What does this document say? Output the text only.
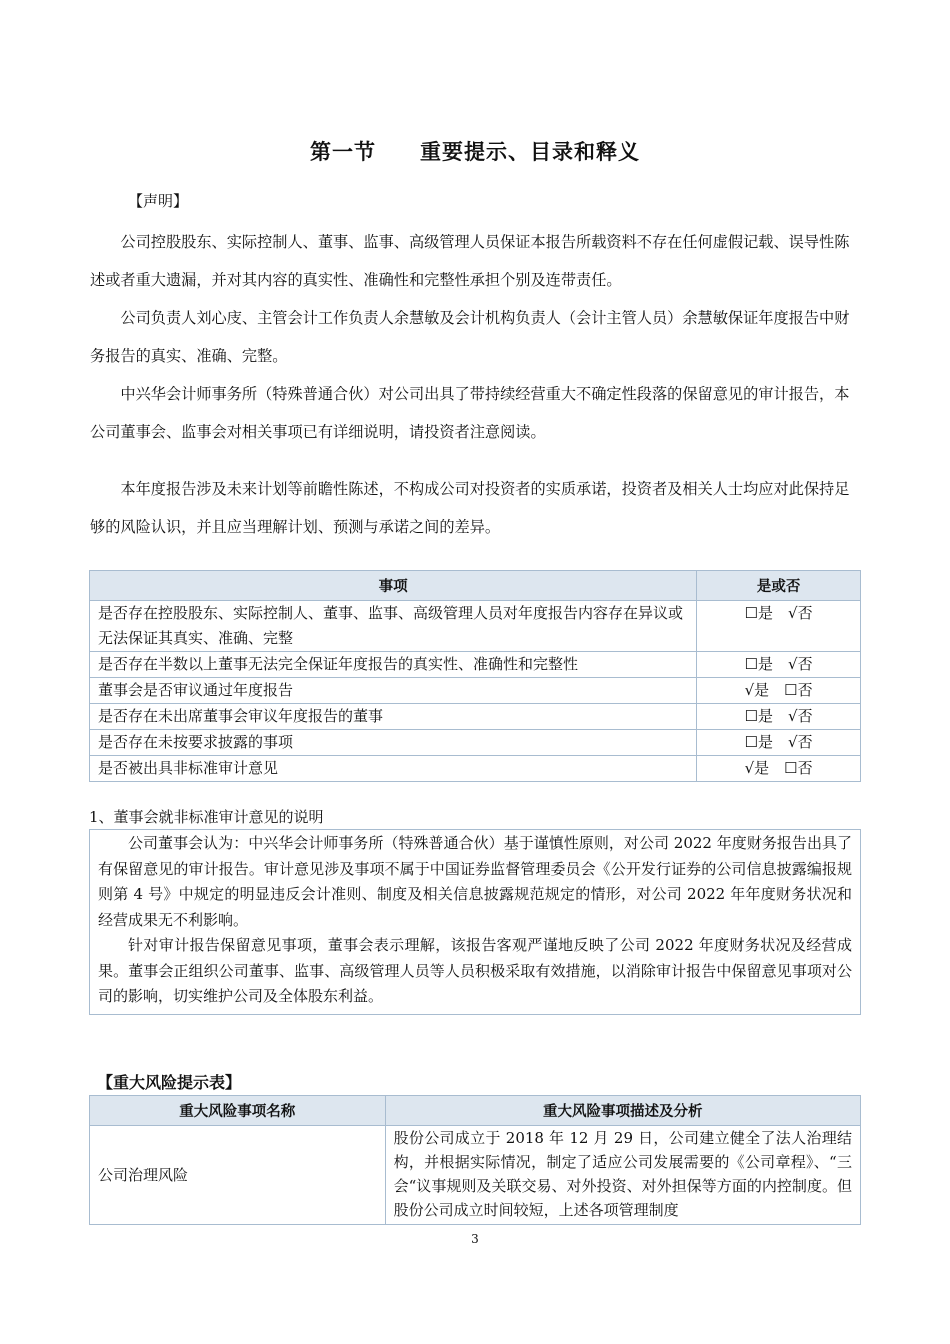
第一节　　重要提示、目录和释义
【声明】

公司控股股东、实际控制人、董事、监事、高级管理人员保证本报告所载资料不存在任何虚假记载、误导性陈述或者重大遗漏，并对其内容的真实性、准确性和完整性承担个别及连带责任。

公司负责人刘心庋、主管会计工作负责人余慧敏及会计机构负责人（会计主管人员）余慧敏保证年度报告中财务报告的真实、准确、完整。

中兴华会计师事务所（特殊普通合伙）对公司出具了带持续经营重大不确定性段落的保留意见的审计报告，本公司董事会、监事会对相关事项已有详细说明，请投资者注意阅读。

本年度报告涉及未来计划等前瞻性陈述，不构成公司对投资者的实质承诺，投资者及相关人士均应对此保持足够的风险认识，并且应当理解计划、预测与承诺之间的差异。

事项	是或否
是否存在控股股东、实际控制人、董事、监事、高级管理人员对年度报告内容存在异议或无法保证其真实、准确、完整	☐是　√否
是否存在半数以上董事无法完全保证年度报告的真实性、准确性和完整性	☐是　√否
董事会是否审议通过年度报告	√是　☐否
是否存在未出席董事会审议年度报告的董事	☐是　√否
是否存在未按要求披露的事项	☐是　√否
是否被出具非标准审计意见	√是　☐否
1、董事会就非标准审计意见的说明

公司董事会认为：中兴华会计师事务所（特殊普通合伙）基于谨慎性原则，对公司 2022 年度财务报告出具了有保留意见的审计报告。审计意见涉及事项不属于中国证券监督管理委员会《公开发行证券的公司信息披露编报规则第 4 号》中规定的明显违反会计准则、制度及相关信息披露规范规定的情形，对公司 2022 年年度财务状况和经营成果无不利影响。

针对审计报告保留意见事项，董事会表示理解，该报告客观严谨地反映了公司 2022 年度财务状况及经营成果。董事会正组织公司董事、监事、高级管理人员等人员积极采取有效措施，以消除审计报告中保留意见事项对公司的影响，切实维护公司及全体股东利益。

【重大风险提示表】
重大风险事项名称	重大风险事项描述及分析
公司治理风险	股份公司成立于 2018 年 12 月 29 日，公司建立健全了法人治理结构，并根据实际情况，制定了适应公司发展需要的《公司章程》、“三会“议事规则及关联交易、对外投资、对外担保等方面的内控制度。但股份公司成立时间较短，上述各项管理制度
3
